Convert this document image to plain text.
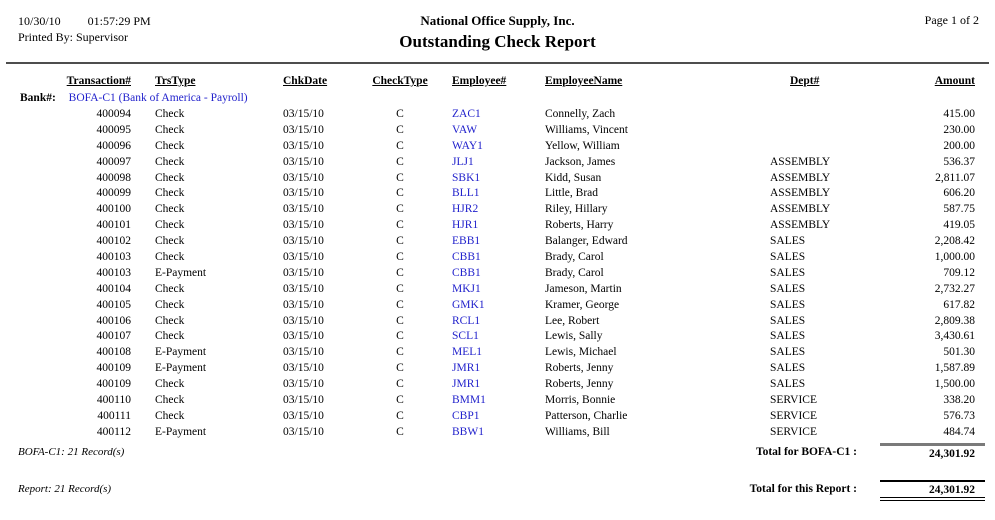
10/30/10 01:57:29 PM
Printed By: Supervisor
National Office Supply, Inc.
Outstanding Check Report
Page 1 of 2
Transaction#	TrsType	ChkDate	CheckType	Employee#	EmployeeName	Dept#	Amount
Bank#: BOFA-C1 (Bank of America - Payroll)							
400094	Check	03/15/10	C	ZAC1	Connelly, Zach		415.00
400095	Check	03/15/10	C	VAW	Williams, Vincent		230.00
400096	Check	03/15/10	C	WAY1	Yellow, William		200.00
400097	Check	03/15/10	C	JLJ1	Jackson, James	ASSEMBLY	536.37
400098	Check	03/15/10	C	SBK1	Kidd, Susan	ASSEMBLY	2,811.07
400099	Check	03/15/10	C	BLL1	Little, Brad	ASSEMBLY	606.20
400100	Check	03/15/10	C	HJR2	Riley, Hillary	ASSEMBLY	587.75
400101	Check	03/15/10	C	HJR1	Roberts, Harry	ASSEMBLY	419.05
400102	Check	03/15/10	C	EBB1	Balanger, Edward	SALES	2,208.42
400103	Check	03/15/10	C	CBB1	Brady, Carol	SALES	1,000.00
400103	E-Payment	03/15/10	C	CBB1	Brady, Carol	SALES	709.12
400104	Check	03/15/10	C	MKJ1	Jameson, Martin	SALES	2,732.27
400105	Check	03/15/10	C	GMK1	Kramer, George	SALES	617.82
400106	Check	03/15/10	C	RCL1	Lee, Robert	SALES	2,809.38
400107	Check	03/15/10	C	SCL1	Lewis, Sally	SALES	3,430.61
400108	E-Payment	03/15/10	C	MEL1	Lewis, Michael	SALES	501.30
400109	E-Payment	03/15/10	C	JMR1	Roberts, Jenny	SALES	1,587.89
400109	Check	03/15/10	C	JMR1	Roberts, Jenny	SALES	1,500.00
400110	Check	03/15/10	C	BMM1	Morris, Bonnie	SERVICE	338.20
400111	Check	03/15/10	C	CBP1	Patterson, Charlie	SERVICE	576.73
400112	E-Payment	03/15/10	C	BBW1	Williams, Bill	SERVICE	484.74
BOFA-C1: 21 Record(s)	Total for BOFA-C1 :	24,301.92
Report: 21 Record(s)	Total for this Report :	24,301.92
